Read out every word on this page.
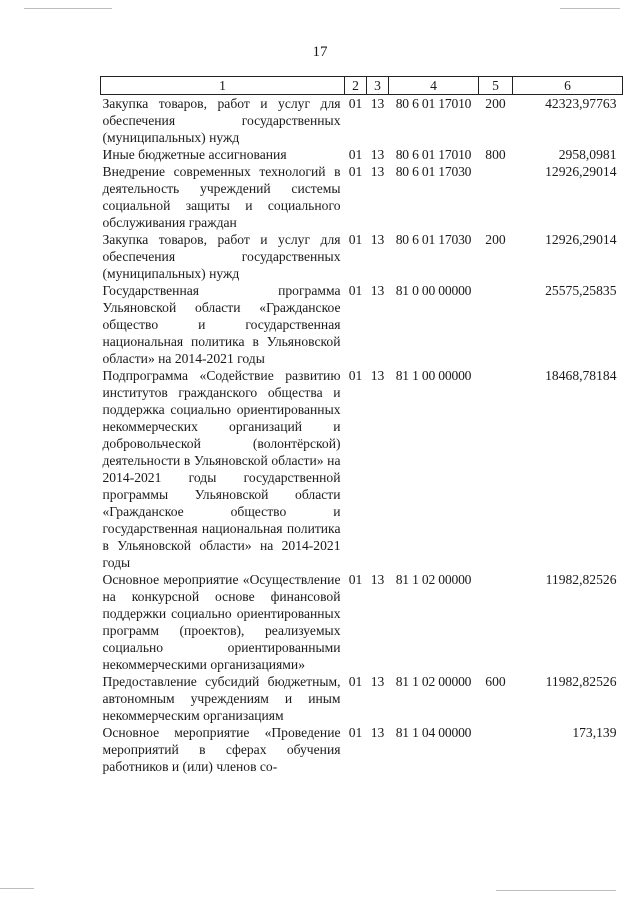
17
1	2	3	4	5	6
Закупка товаров, работ и услуг для обеспечения государственных (муниципальных) нужд	01	13	80 6 01 17010	200	42323,97763
Иные бюджетные ассигнования	01	13	80 6 01 17010	800	2958,0981
Внедрение современных технологий в деятельность учреждений системы социальной защиты и социального обслуживания граждан	01	13	80 6 01 17030		12926,29014
Закупка товаров, работ и услуг для обеспечения государственных (муниципальных) нужд	01	13	80 6 01 17030	200	12926,29014
Государственная программа Ульяновской области «Гражданское общество и государственная национальная политика в Ульяновской области» на 2014-2021 годы	01	13	81 0 00 00000		25575,25835
Подпрограмма «Содействие развитию институтов гражданского общества и поддержка социально ориентированных некоммерческих организаций и добровольческой (волонтёрской) деятельности в Ульяновской области» на 2014-2021 годы государственной программы Ульяновской области «Гражданское общество и государственная национальная политика в Ульяновской области» на 2014-2021 годы	01	13	81 1 00 00000		18468,78184
Основное мероприятие «Осуществление на конкурсной основе финансовой поддержки социально ориентированных программ (проектов), реализуемых социально ориентированными некоммерческими организациями»	01	13	81 1 02 00000		11982,82526
Предоставление субсидий бюджетным, автономным учреждениям и иным некоммерческим организациям	01	13	81 1 02 00000	600	11982,82526
Основное мероприятие «Проведение мероприятий в сферах обучения работников и (или) членов со-	01	13	81 1 04 00000		173,139
